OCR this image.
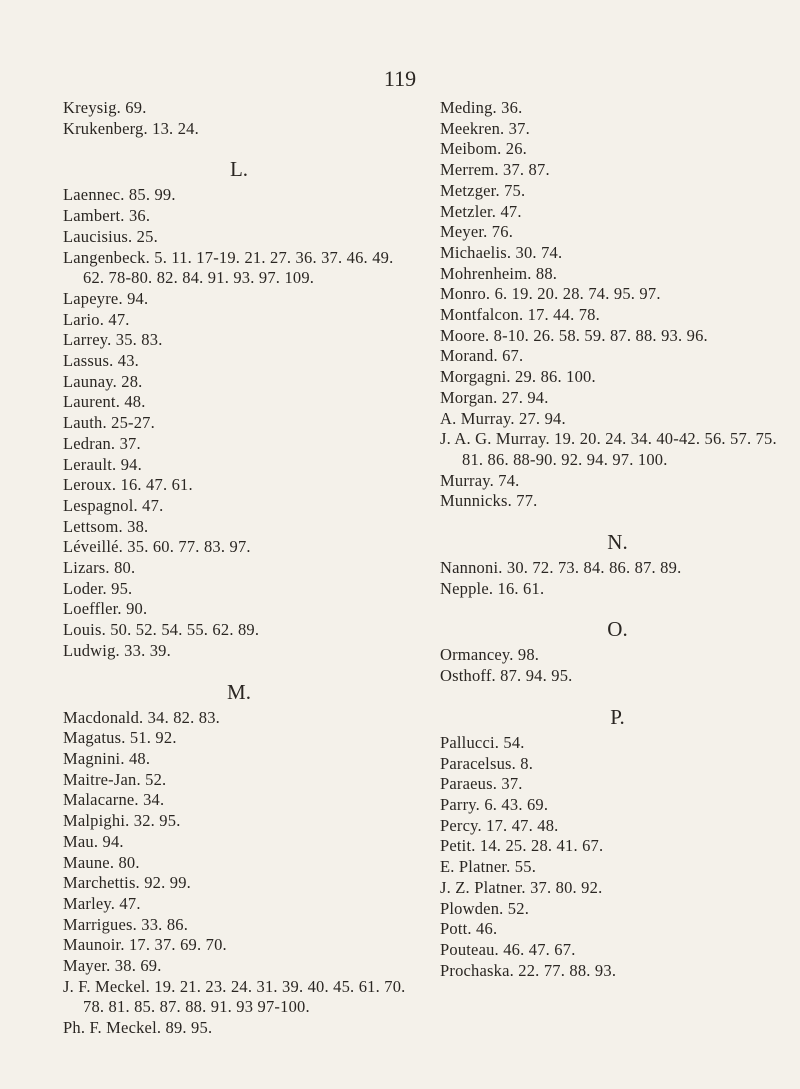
119
Kreysig. 69.
Krukenberg. 13. 24.
L.
Laennec. 85. 99.
Lambert. 36.
Laucisius. 25.
Langenbeck. 5. 11. 17-19. 21. 27. 36. 37. 46. 49. 62. 78-80. 82. 84. 91. 93. 97. 109.
Lapeyre. 94.
Lario. 47.
Larrey. 35. 83.
Lassus. 43.
Launay. 28.
Laurent. 48.
Lauth. 25-27.
Ledran. 37.
Lerault. 94.
Leroux. 16. 47. 61.
Lespagnol. 47.
Lettsom. 38.
Léveillé. 35. 60. 77. 83. 97.
Lizars. 80.
Loder. 95.
Loeffler. 90.
Louis. 50. 52. 54. 55. 62. 89.
Ludwig. 33. 39.
M.
Macdonald. 34. 82. 83.
Magatus. 51. 92.
Magnini. 48.
Maitre-Jan. 52.
Malacarne. 34.
Malpighi. 32. 95.
Mau. 94.
Maune. 80.
Marchettis. 92. 99.
Marley. 47.
Marrigues. 33. 86.
Maunoir. 17. 37. 69. 70.
Mayer. 38. 69.
J. F. Meckel. 19. 21. 23. 24. 31. 39. 40. 45. 61. 70. 78. 81. 85. 87. 88. 91. 93 97-100.
Ph. F. Meckel. 89. 95.
Meding. 36.
Meekren. 37.
Meibom. 26.
Merrem. 37. 87.
Metzger. 75.
Metzler. 47.
Meyer. 76.
Michaelis. 30. 74.
Mohrenheim. 88.
Monro. 6. 19. 20. 28. 74. 95. 97.
Montfalcon. 17. 44. 78.
Moore. 8-10. 26. 58. 59. 87. 88. 93. 96.
Morand. 67.
Morgagni. 29. 86. 100.
Morgan. 27. 94.
A. Murray. 27. 94.
J. A. G. Murray. 19. 20. 24. 34. 40-42. 56. 57. 75. 81. 86. 88-90. 92. 94. 97. 100.
Murray. 74.
Munnicks. 77.
N.
Nannoni. 30. 72. 73. 84. 86. 87. 89.
Nepple. 16. 61.
O.
Ormancey. 98.
Osthoff. 87. 94. 95.
P.
Pallucci. 54.
Paracelsus. 8.
Paraeus. 37.
Parry. 6. 43. 69.
Percy. 17. 47. 48.
Petit. 14. 25. 28. 41. 67.
E. Platner. 55.
J. Z. Platner. 37. 80. 92.
Plowden. 52.
Pott. 46.
Pouteau. 46. 47. 67.
Prochaska. 22. 77. 88. 93.
